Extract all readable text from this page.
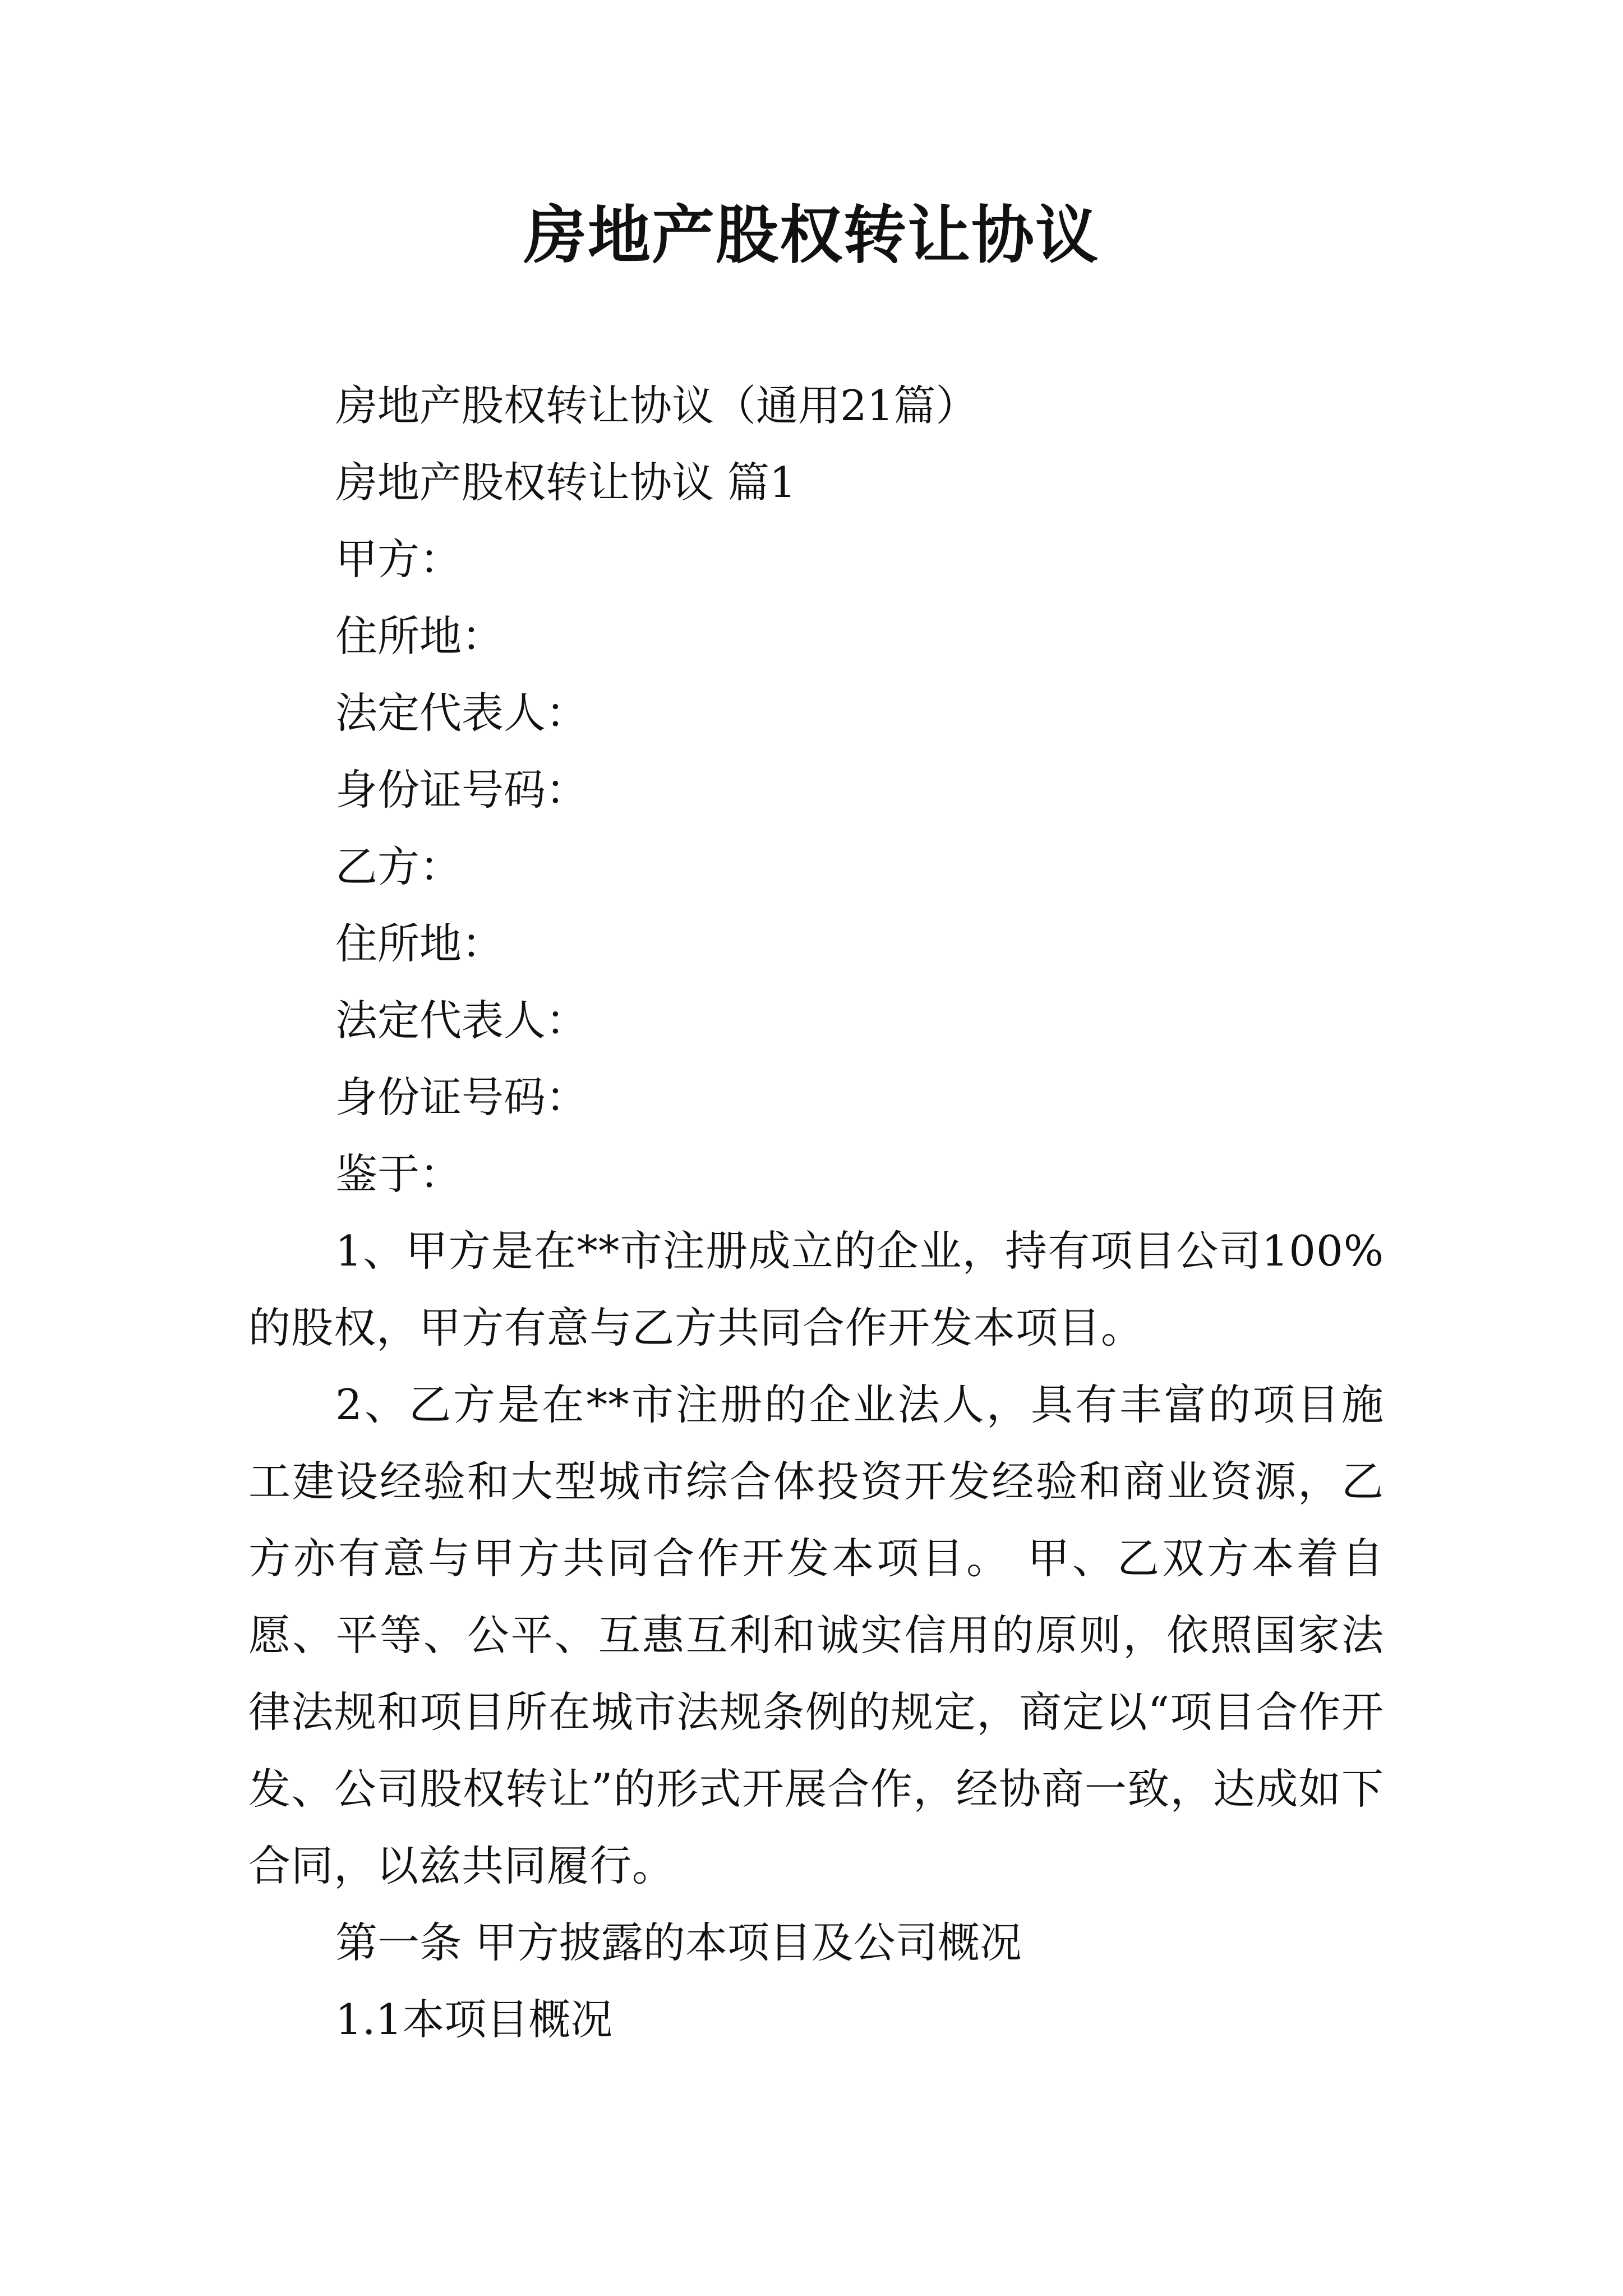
房地产股权转让协议
房地产股权转让协议（通用21篇）
房地产股权转让协议 篇1
甲方：
住所地：
法定代表人：
身份证号码：
乙方：
住所地：
法定代表人：
身份证号码：
鉴于：
1、甲方是在**市注册成立的企业，持有项目公司100%的股权，甲方有意与乙方共同合作开发本项目。
2、乙方是在**市注册的企业法人，具有丰富的项目施工建设经验和大型城市综合体投资开发经验和商业资源，乙方亦有意与甲方共同合作开发本项目。 甲、乙双方本着自愿、平等、公平、互惠互利和诚实信用的原则，依照国家法律法规和项目所在城市法规条例的规定，商定以“项目合作开发、公司股权转让”的形式开展合作，经协商一致，达成如下合同，以兹共同履行。
第一条 甲方披露的本项目及公司概况
1.1本项目概况
